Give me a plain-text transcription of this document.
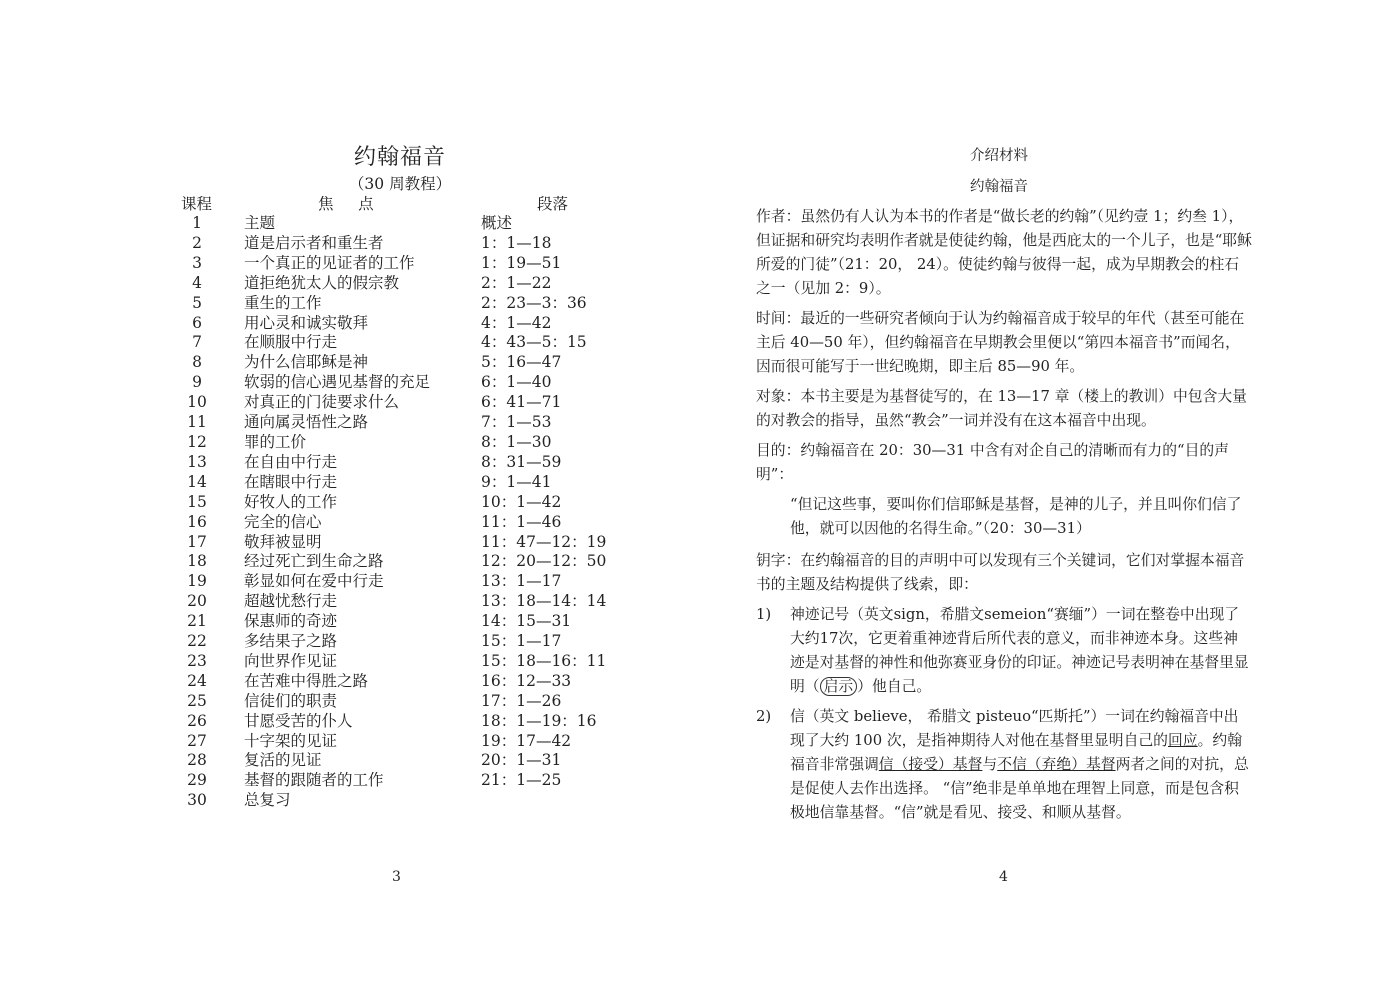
约翰福音
（30 周教程）
课程	焦     点	段落
1	主题	概述
2	道是启示者和重生者	1：1—18
3	一个真正的见证者的工作	1：19—51
4	道拒绝犹太人的假宗教	2：1—22
5	重生的工作	2：23—3：36
6	用心灵和诚实敬拜	4：1—42
7	在顺服中行走	4：43—5：15
8	为什么信耶稣是神	5：16—47
9	软弱的信心遇见基督的充足	6：1—40
10	对真正的门徒要求什么	6：41—71
11	通向属灵悟性之路	7：1—53
12	罪的工价	8：1—30
13	在自由中行走	8：31—59
14	在瞎眼中行走	9：1—41
15	好牧人的工作	10：1—42
16	完全的信心	11：1—46
17	敬拜被显明	11：47—12：19
18	经过死亡到生命之路	12：20—12：50
19	彰显如何在爱中行走	13：1—17
20	超越忧愁行走	13：18—14：14
21	保惠师的奇迹	14：15—31
22	多结果子之路	15：1—17
23	向世界作见证	15：18—16：11
24	在苦难中得胜之路	16：12—33
25	信徒们的职责	17：1—26
26	甘愿受苦的仆人	18：1—19：16
27	十字架的见证	19：17—42
28	复活的见证	20：1—31
29	基督的跟随者的工作	21：1—25
30	总复习
3
介绍材料
约翰福音

作者：虽然仍有人认为本书的作者是“做长老的约翰”（见约壹 1；约叁 1），但证据和研究均表明作者就是使徒约翰，他是西庇太的一个儿子，也是“耶稣所爱的门徒”（21：20， 24）。使徒约翰与彼得一起，成为早期教会的柱石之一（见加 2：9）。

时间：最近的一些研究者倾向于认为约翰福音成于较早的年代（甚至可能在主后 40—50 年），但约翰福音在早期教会里便以“第四本福音书”而闻名，因而很可能写于一世纪晚期，即主后 85—90 年。

对象：本书主要是为基督徒写的，在 13—17 章（楼上的教训）中包含大量的对教会的指导，虽然“教会”一词并没有在这本福音中出现。

目的：约翰福音在 20：30—31 中含有对企自己的清晰而有力的“目的声明”：

“但记这些事，要叫你们信耶稣是基督，是神的儿子，并且叫你们信了他，就可以因他的名得生命。”（20：30—31）

钥字：在约翰福音的目的声明中可以发现有三个关键词，它们对掌握本福音书的主题及结构提供了线索，即：

1) 神迹记号（英文sign，希腊文semeion“赛缅”）一词在整卷中出现了大约17次，它更着重神迹背后所代表的意义，而非神迹本身。这些神迹是对基督的神性和他弥赛亚身份的印证。神迹记号表明神在基督里显明（ 启示 ）他自己。
2) 信（英文 believe， 希腊文 pisteuo“匹斯托”）一词在约翰福音中出现了大约 100 次，是指神期待人对他在基督里显明自己的回应。约翰福音非常强调信（接受）基督与不信（弃绝）基督两者之间的对抗，总是促使人去作出选择。 “信”绝非是单单地在理智上同意，而是包含积极地信靠基督。“信”就是看见、接受、和顺从基督。
4
